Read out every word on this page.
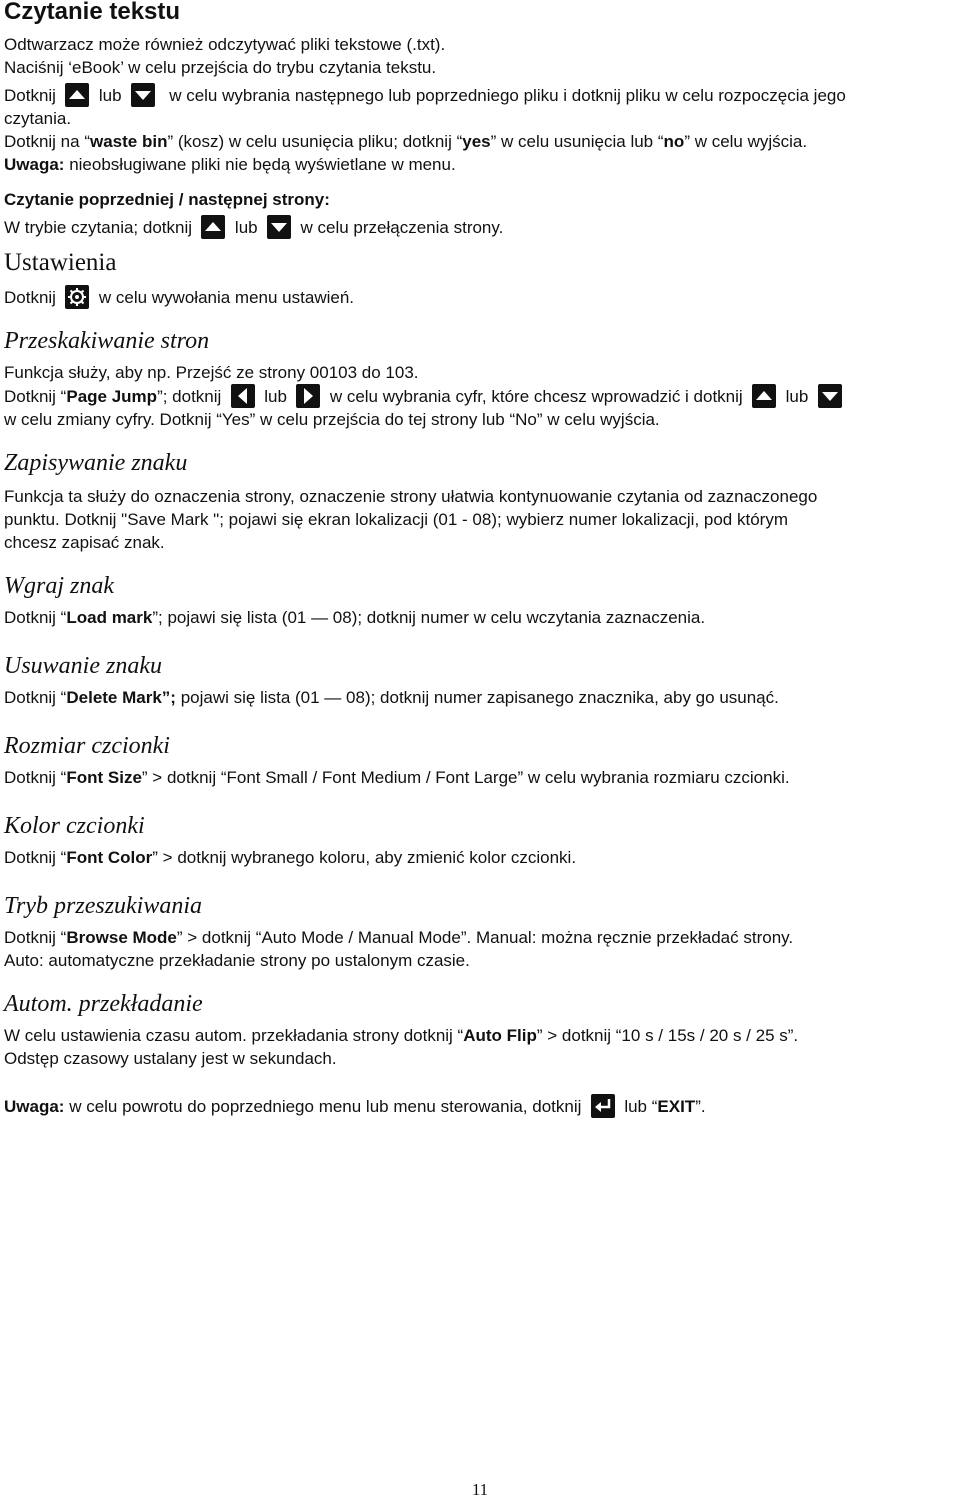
Czytanie tekstu

Odtwarzacz może również odczytywać pliki tekstowe (.txt).

Naciśnij ‘eBook’ w celu przejścia do trybu czytania tekstu.

Dotknij	lub	w celu wybrania następnego lub poprzedniego pliku i dotknij pliku w celu rozpoczęcia jego

czytania.

Dotknij na “waste bin” (kosz) w celu usunięcia pliku; dotknij “yes” w celu usunięcia lub “no” w celu wyjścia.

Uwaga: nieobsługiwane pliki nie będą wyświetlane w menu.

Czytanie poprzedniej / następnej strony:

W trybie czytania; dotknij	lub	w celu przełączenia strony.

Ustawienia

Dotknij	w celu wywołania menu ustawień.

Przeskakiwanie stron

Funkcja służy, aby np. Przejść ze strony 00103 do 103.

Dotknij “Page Jump”; dotknij	lub	w celu wybrania cyfr, które chcesz wprowadzić i dotknij	lub

w celu zmiany cyfry. Dotknij “Yes” w celu przejścia do tej strony lub “No” w celu wyjścia.

Zapisywanie znaku

Funkcja ta służy do oznaczenia strony, oznaczenie strony ułatwia kontynuowanie czytania od zaznaczonego

punktu. Dotknij "Save Mark "; pojawi się ekran lokalizacji (01 - 08); wybierz numer lokalizacji, pod którym

chcesz zapisać znak.

Wgraj znak

Dotknij “Load mark”; pojawi się lista (01 — 08); dotknij numer w celu wczytania zaznaczenia.

Usuwanie znaku

Dotknij “Delete Mark”; pojawi się lista (01 — 08); dotknij numer zapisanego znacznika, aby go usunąć.

Rozmiar czcionki

Dotknij “Font Size” > dotknij “Font Small / Font Medium / Font Large” w celu wybrania rozmiaru czcionki.

Kolor czcionki

Dotknij “Font Color” > dotknij wybranego koloru, aby zmienić kolor czcionki.

Tryb przeszukiwania

Dotknij “Browse Mode” > dotknij “Auto Mode / Manual Mode”. Manual: można ręcznie przekładać strony.

Auto: automatyczne przekładanie strony po ustalonym czasie.

Autom. przekładanie

W celu ustawienia czasu autom. przekładania strony dotknij “Auto Flip” > dotknij “10 s / 15s / 20 s / 25 s”.

Odstęp czasowy ustalany jest w sekundach.

Uwaga: w celu powrotu do poprzedniego menu lub menu sterowania, dotknij	lub “EXIT”.

11
